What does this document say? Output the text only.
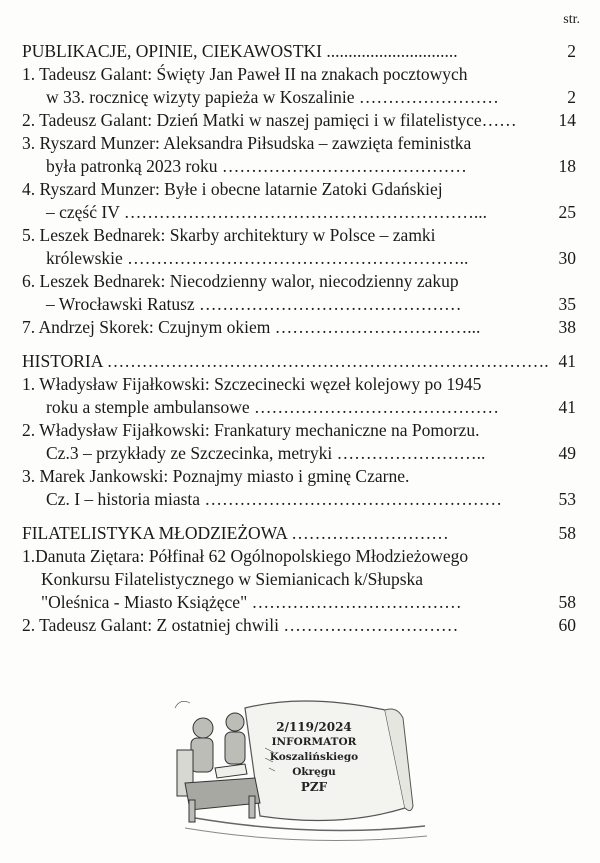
str.
PUBLIKACJE, OPINIE, CIEKAWOSTKI ..............................	2
1. Tadeusz Galant: Święty Jan Paweł II na znakach pocztowych
w 33. rocznicę wizyty papieża w Koszalinie ……………………	2
2. Tadeusz Galant: Dzień Matki w naszej pamięci i w filatelistyce…… 14
3. Ryszard Munzer: Aleksandra Piłsudska – zawzięta feministka
była patronką 2023 roku ……………………………………	18
4. Ryszard Munzer: Byłe i obecne latarnie Zatoki Gdańskiej
– część IV ……………………………………………………...	25
5. Leszek Bednarek: Skarby architektury w Polsce – zamki
królewskie …………………………………………………..	30
6. Leszek Bednarek: Niecodzienny walor, niecodzienny zakup
– Wrocławski Ratusz ………………………………………	35
7. Andrzej Skorek: Czujnym okiem ……………………………...	38
HISTORIA …………………………………………………………………. 41
1. Władysław Fijałkowski: Szczecinecki węzeł kolejowy po 1945
roku a stemple ambulansowe ……………………………………	41
2. Władysław Fijałkowski: Frankatury mechaniczne na Pomorzu.
Cz.3 – przykłady ze Szczecinka, metryki ……………………..	49
3. Marek Jankowski: Poznajmy miasto i gminę Czarne.
Cz. I – historia miasta ……………………………………………	53
FILATELISTYKA MŁODZIEŻOWA ………………………	58
1.Danuta Ziętara: Półfinał 62 Ogólnopolskiego Młodzieżowego
Konkursu Filatelistycznego w Siemianicach k/Słupska
"Oleśnica - Miasto Książęce" ………………………………	58
2. Tadeusz Galant: Z ostatniej chwili …………………………	60
2/119/2024
INFORMATOR
Koszalińskiego
Okręgu
PZF
